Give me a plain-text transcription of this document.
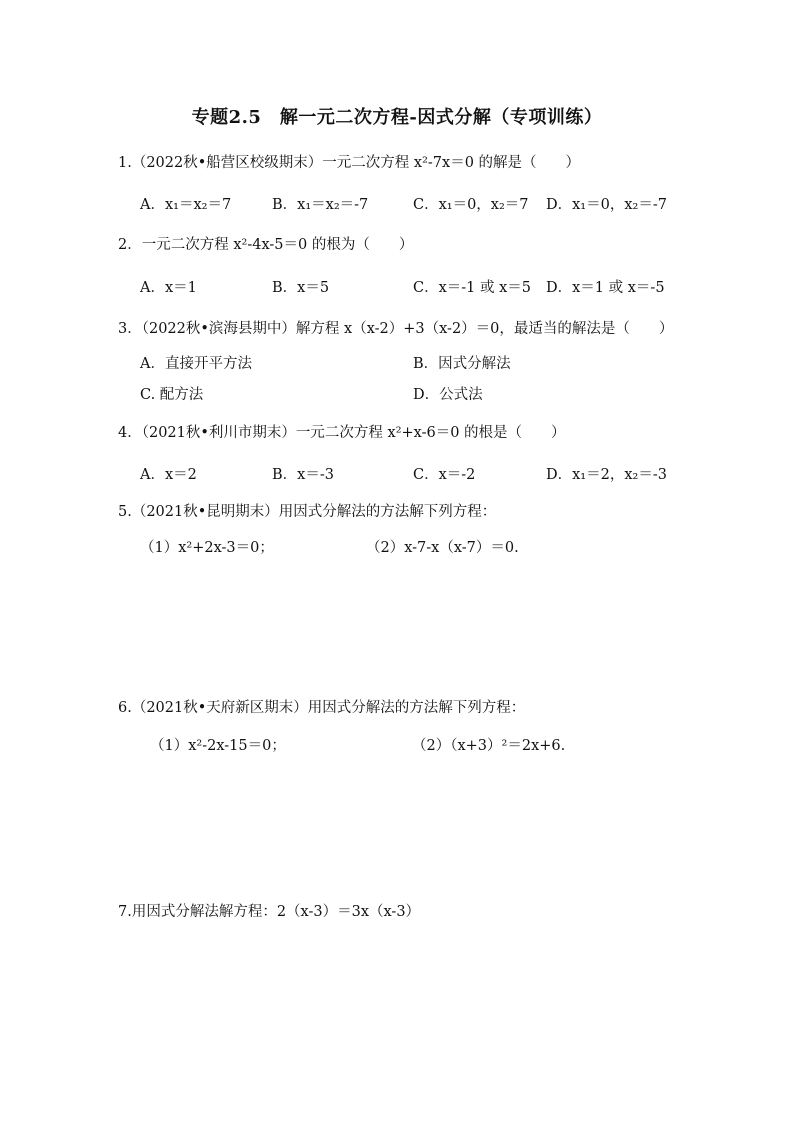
专题2.5　解一元二次方程-因式分解（专项训练）
1.（2022秋•船营区校级期末）一元二次方程 x²-7x＝0 的解是（　　）
A．x₁＝x₂＝7	B．x₁＝x₂＝-7	C．x₁＝0，x₂＝7 D．x₁＝0，x₂＝-7
2．一元二次方程 x²-4x-5＝0 的根为（　　）
A．x＝1	B．x＝5	C．x＝-1 或 x＝5 D．x＝1 或 x＝-5
3．（2022秋•滨海县期中）解方程 x（x-2）+3（x-2）＝0，最适当的解法是（　　）
A．直接开平方法	B．因式分解法
C. 配方法	D．公式法
4．（2021秋•利川市期末）一元二次方程 x²+x-6＝0 的根是（　　）
A．x＝2	B．x＝-3	C．x＝-2	D．x₁＝2，x₂＝-3
5.（2021秋•昆明期末）用因式分解法的方法解下列方程：
（1）x²+2x-3＝0；	（2）x-7-x（x-7）＝0.
6.（2021秋•天府新区期末）用因式分解法的方法解下列方程：
（1）x²-2x-15＝0；	（2）（x+3）²＝2x+6.
7.用因式分解法解方程：2（x-3）＝3x（x-3）
